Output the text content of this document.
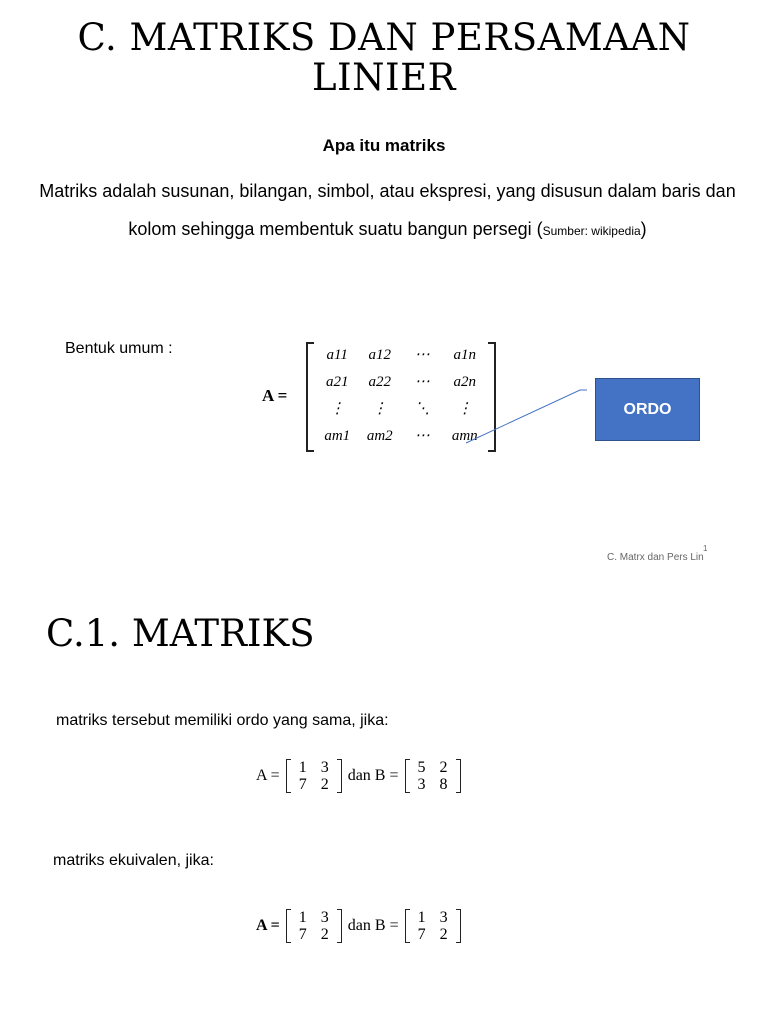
C. MATRIKS DAN PERSAMAAN LINIER
Apa itu matriks
Matriks adalah susunan, bilangan, simbol, atau ekspresi, yang disusun dalam baris dan kolom sehingga membentuk suatu bangun persegi (Sumber: wikipedia)
Bentuk umum :
A =
a11	a12	⋯	a1n
a21	a22	⋯	a2n
⋮	⋮	⋱	⋮
am1	am2	⋯	amn
ORDO
1
C. Matrx dan Pers Lin
C.1. MATRIKS
matriks tersebut memiliki ordo yang sama, jika:
A =	1 3
7 2
dan B =	5 2
3 8
matriks ekuivalen, jika:
A =	1 3
7 2
dan B =	1 3
7 2
